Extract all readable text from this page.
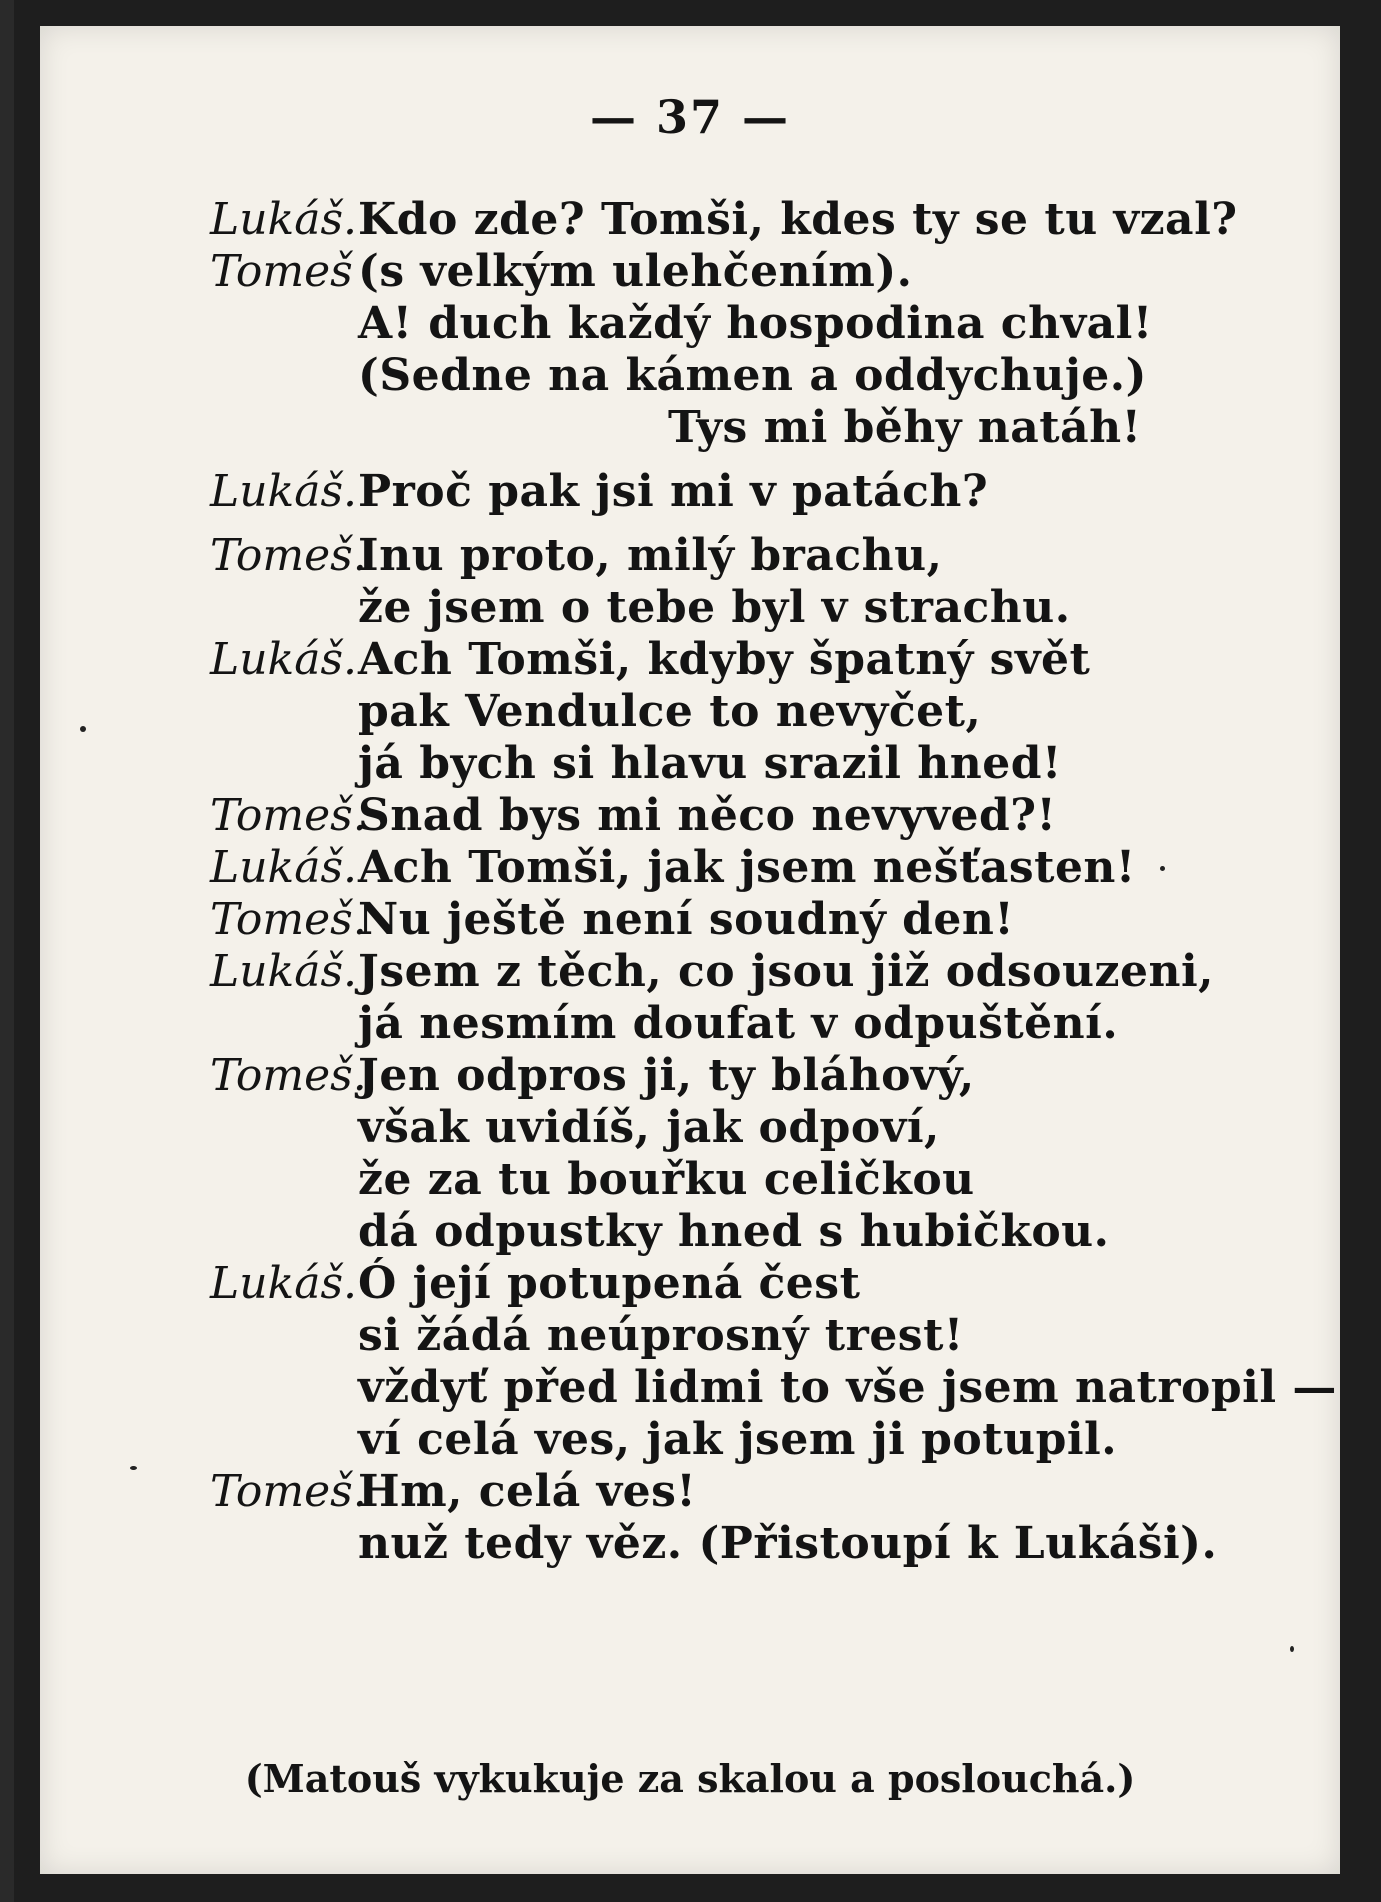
— 37 —
Lukáš. Kdo zde? Tomši, kdes ty se tu vzal?
Tomeš (s velkým ulehčením).
A! duch každý hospodina chval!
(Sedne na kámen a oddychuje.)
Tys mi běhy natáh!
Lukáš. Proč pak jsi mi v patách?
Tomeš.
Inu proto, milý brachu,
že jsem o tebe byl v strachu.
Lukáš. Ach Tomši, kdyby špatný svět
pak Vendulce to nevyčet,
já bych si hlavu srazil hned!
Tomeš.
Snad bys mi něco nevyved?!
Lukáš. Ach Tomši, jak jsem nešťasten!
Tomeš.
Nu ještě není soudný den!
Lukáš. Jsem z těch, co jsou již odsouzeni,
já nesmím doufat v odpuštění.
Tomeš.
Jen odpros ji, ty bláhový,
však uvidíš, jak odpoví,
že za tu bouřku celičkou
dá odpustky hned s hubičkou.
Lukáš. Ó její potupená čest
si žádá neúprosný trest!
vždyť před lidmi to vše jsem natropil —
ví celá ves, jak jsem ji potupil.
Tomeš.
Hm, celá ves!
nuž tedy věz. (Přistoupí k Lukáši).
(Matouš vykukuje za skalou a poslouchá.)
